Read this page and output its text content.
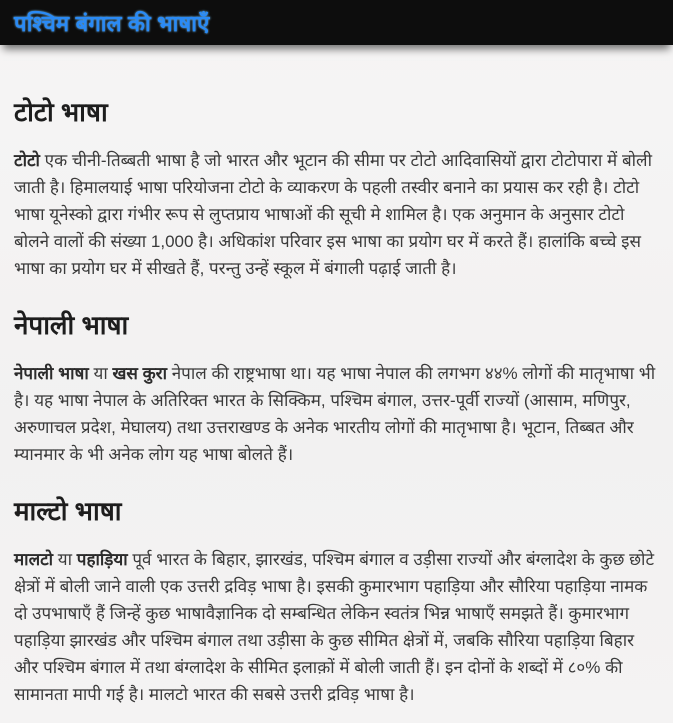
पश्चिम बंगाल की भाषाएँ
टोटो भाषा

टोटो एक चीनी-तिब्बती भाषा है जो भारत और भूटान की सीमा पर टोटो आदिवासियों द्वारा टोटोपारा में बोली जाती है। हिमालयाई भाषा परियोजना टोटो के व्याकरण के पहली तस्वीर बनाने का प्रयास कर रही है। टोटो भाषा यूनेस्को द्वारा गंभीर रूप से लुप्तप्राय भाषाओं की सूची मे शामिल है। एक अनुमान के अनुसार टोटो बोलने वालों की संख्या 1,000 है। अधिकांश परिवार इस भाषा का प्रयोग घर में करते हैं। हालांकि बच्चे इस भाषा का प्रयोग घर में सीखते हैं, परन्तु उन्हें स्कूल में बंगाली पढ़ाई जाती है।

नेपाली भाषा

नेपाली भाषा या खस कुरा नेपाल की राष्ट्रभाषा था। यह भाषा नेपाल की लगभग ४४% लोगों की मातृभाषा भी है। यह भाषा नेपाल के अतिरिक्त भारत के सिक्किम, पश्चिम बंगाल, उत्तर-पूर्वी राज्यों (आसाम, मणिपुर, अरुणाचल प्रदेश, मेघालय) तथा उत्तराखण्ड के अनेक भारतीय लोगों की मातृभाषा है। भूटान, तिब्बत और म्यानमार के भी अनेक लोग यह भाषा बोलते हैं।

माल्टो भाषा

मालटो या पहाड़िया पूर्व भारत के बिहार, झारखंड, पश्चिम बंगाल व उड़ीसा राज्यों और बंग्लादेश के कुछ छोटे क्षेत्रों में बोली जाने वाली एक उत्तरी द्रविड़ भाषा है। इसकी कुमारभाग पहाड़िया और सौरिया पहाड़िया नामक दो उपभाषाएँ हैं जिन्हें कुछ भाषावैज्ञानिक दो सम्बन्धित लेकिन स्वतंत्र भिन्न भाषाएँ समझते हैं। कुमारभाग पहाड़िया झारखंड और पश्चिम बंगाल तथा उड़ीसा के कुछ सीमित क्षेत्रों में, जबकि सौरिया पहाड़िया बिहार और पश्चिम बंगाल में तथा बंग्लादेश के सीमित इलाक़ों में बोली जाती हैं। इन दोनों के शब्दों में ८०% की सामानता मापी गई है। मालटो भारत की सबसे उत्तरी द्रविड़ भाषा है।
